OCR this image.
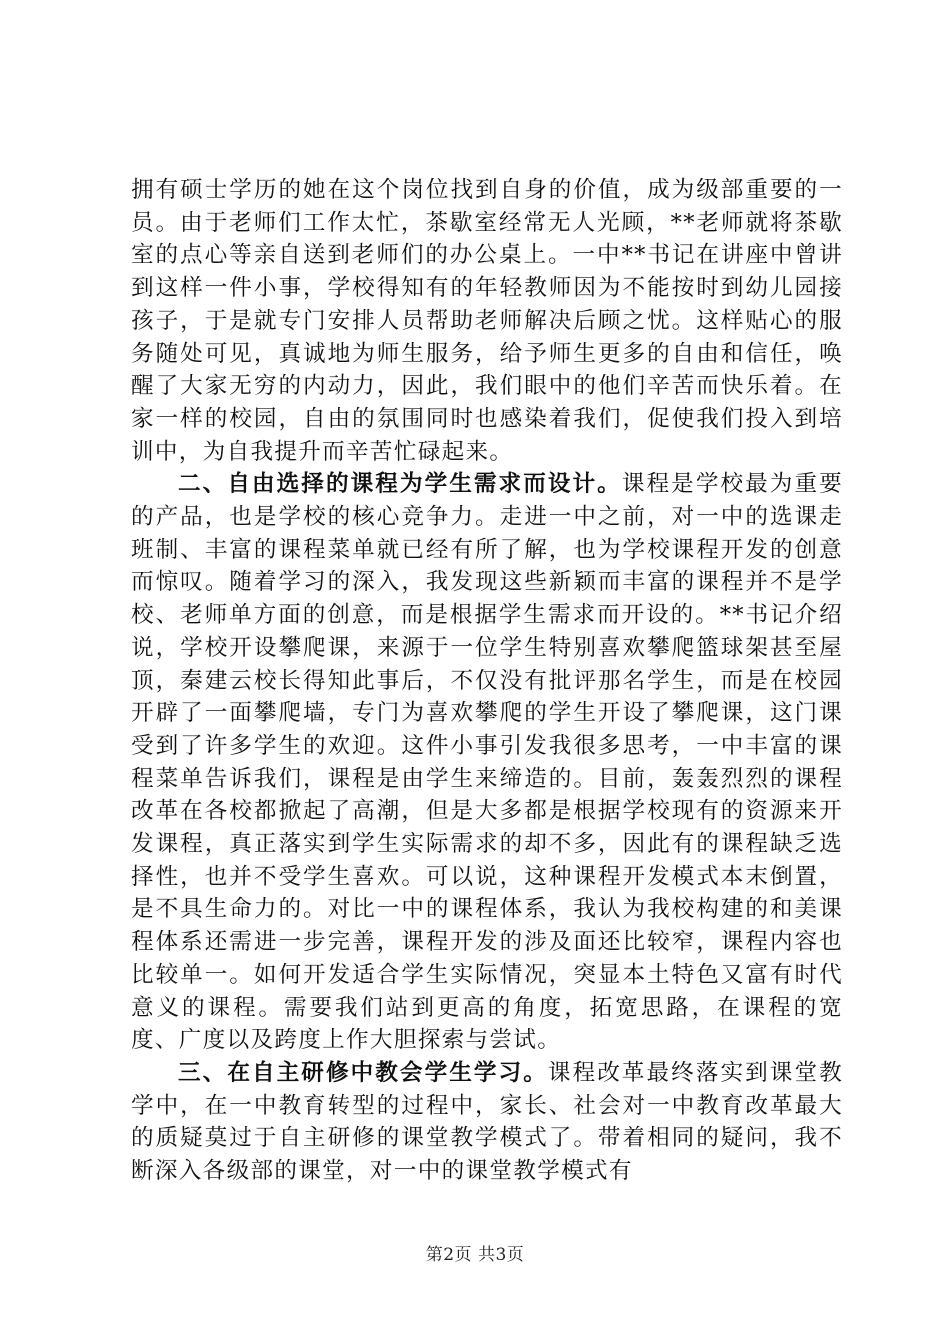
拥有硕士学历的她在这个岗位找到自身的价值，成为级部重要的一员。由于老师们工作太忙，茶歇室经常无人光顾，**老师就将茶歇室的点心等亲自送到老师们的办公桌上。一中**书记在讲座中曾讲到这样一件小事，学校得知有的年轻教师因为不能按时到幼儿园接孩子，于是就专门安排人员帮助老师解决后顾之忧。这样贴心的服务随处可见，真诚地为师生服务，给予师生更多的自由和信任，唤醒了大家无穷的内动力，因此，我们眼中的他们辛苦而快乐着。在家一样的校园，自由的氛围同时也感染着我们，促使我们投入到培训中，为自我提升而辛苦忙碌起来。

二、自由选择的课程为学生需求而设计。课程是学校最为重要的产品，也是学校的核心竞争力。走进一中之前，对一中的选课走班制、丰富的课程菜单就已经有所了解，也为学校课程开发的创意而惊叹。随着学习的深入，我发现这些新颖而丰富的课程并不是学校、老师单方面的创意，而是根据学生需求而开设的。**书记介绍说，学校开设攀爬课，来源于一位学生特别喜欢攀爬篮球架甚至屋顶，秦建云校长得知此事后，不仅没有批评那名学生，而是在校园开辟了一面攀爬墙，专门为喜欢攀爬的学生开设了攀爬课，这门课受到了许多学生的欢迎。这件小事引发我很多思考，一中丰富的课程菜单告诉我们，课程是由学生来缔造的。目前，轰轰烈烈的课程改革在各校都掀起了高潮，但是大多都是根据学校现有的资源来开发课程，真正落实到学生实际需求的却不多，因此有的课程缺乏选择性，也并不受学生喜欢。可以说，这种课程开发模式本末倒置，是不具生命力的。对比一中的课程体系，我认为我校构建的和美课程体系还需进一步完善，课程开发的涉及面还比较窄，课程内容也比较单一。如何开发适合学生实际情况，突显本土特色又富有时代意义的课程。需要我们站到更高的角度，拓宽思路，在课程的宽度、广度以及跨度上作大胆探索与尝试。

三、在自主研修中教会学生学习。课程改革最终落实到课堂教学中，在一中教育转型的过程中，家长、社会对一中教育改革最大的质疑莫过于自主研修的课堂教学模式了。带着相同的疑问，我不断深入各级部的课堂，对一中的课堂教学模式有

第2页 共3页
